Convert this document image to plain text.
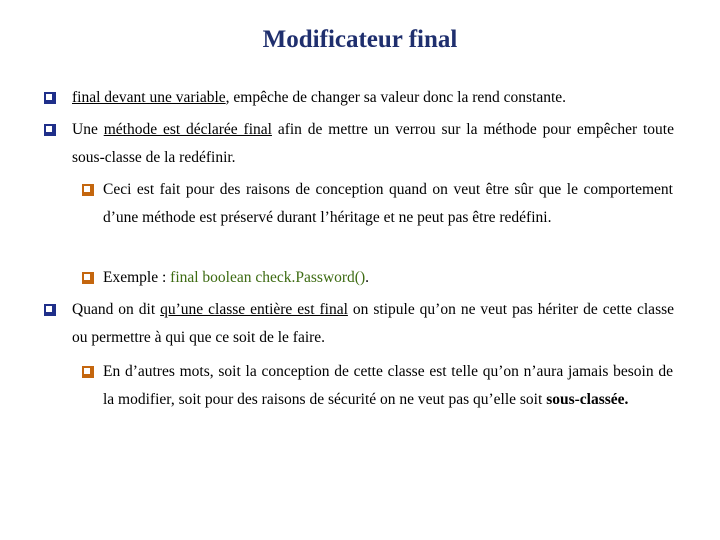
Modificateur final
final devant une variable, empêche de changer sa valeur donc la rend constante.
Une méthode est déclarée final afin de mettre un verrou sur la méthode pour empêcher toute sous-classe de la redéfinir.
Ceci est fait pour des raisons de conception quand on veut être sûr que le comportement d’une méthode est préservé durant l’héritage et ne peut pas être redéfini.
Exemple : final boolean check.Password().
Quand on dit qu’une classe entière est final on stipule qu’on ne veut pas hériter de cette classe ou permettre à qui que ce soit de le faire.
En d’autres mots, soit la conception de cette classe est telle qu’on n’aura jamais besoin de la modifier, soit pour des raisons de sécurité on ne veut pas qu’elle soit sous-classée.
